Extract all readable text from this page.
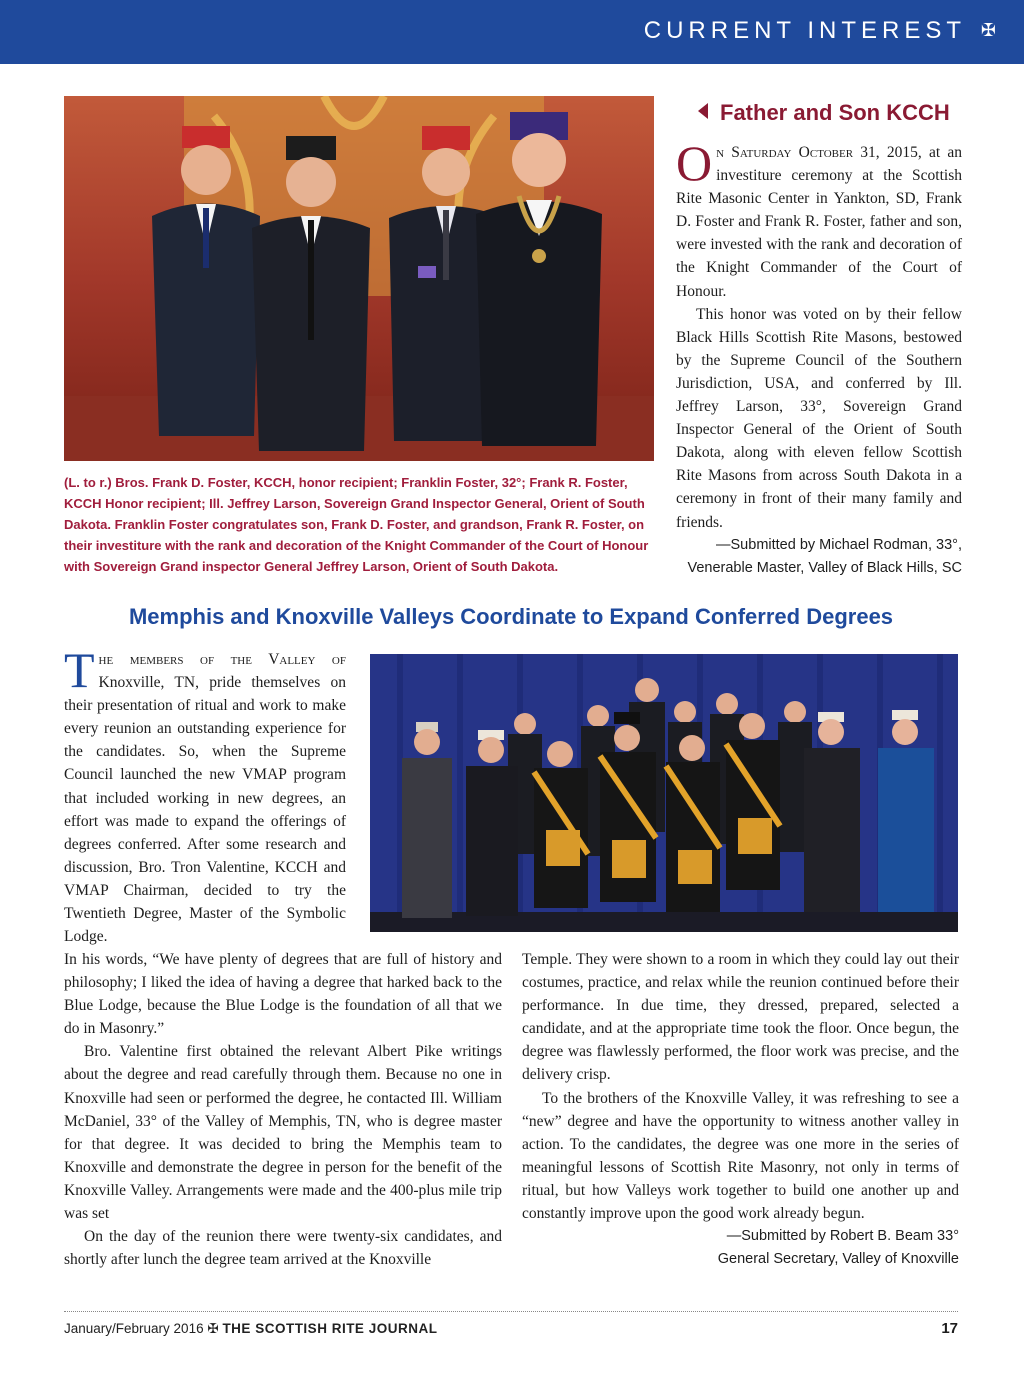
CURRENT INTEREST ✠

(L. to r.) Bros. Frank D. Foster, KCCH, honor recipient; Franklin Foster, 32°; Frank R. Foster, KCCH Honor recipient; Ill. Jeffrey Larson, Sovereign Grand Inspector General, Orient of South Dakota. Franklin Foster congratulates son, Frank D. Foster, and grandson, Frank R. Foster, on their investiture with the rank and decoration of the Knight Commander of the Court of Honour with Sovereign Grand inspector General Jeffrey Larson, Orient of South Dakota.

Father and Son KCCH

On Saturday October 31, 2015, at an investiture ceremony at the Scottish Rite Masonic Center in Yankton, SD, Frank D. Foster and Frank R. Foster, father and son, were invested with the rank and decoration of the Knight Commander of the Court of Honour.

This honor was voted on by their fellow Black Hills Scottish Rite Masons, bestowed by the Supreme Council of the Southern Jurisdiction, USA, and conferred by Ill. Jeffrey Larson, 33°, Sovereign Grand Inspector General of the Orient of South Dakota, along with eleven fellow Scottish Rite Masons from across South Dakota in a ceremony in front of their many family and friends.

—Submitted by Michael Rodman, 33°,

Venerable Master, Valley of Black Hills, SC

Memphis and Knoxville Valleys Coordinate to Expand Conferred Degrees

The members of the Valley of Knoxville, TN, pride themselves on their presentation of ritual and work to make every reunion an outstanding experience for the candidates. So, when the Supreme Council launched the new VMAP program that included working in new degrees, an effort was made to expand the offerings of degrees conferred. After some research and discussion, Bro. Tron Valentine, KCCH and VMAP Chairman, decided to try the Twentieth Degree, Master of the Symbolic Lodge.

In his words, “We have plenty of degrees that are full of history and philosophy; I liked the idea of having a degree that harked back to the Blue Lodge, because the Blue Lodge is the foundation of all that we do in Masonry.”

Bro. Valentine first obtained the relevant Albert Pike writings about the degree and read carefully through them. Because no one in Knoxville had seen or performed the degree, he contacted Ill. William McDaniel, 33° of the Valley of Memphis, TN, who is degree master for that degree. It was decided to bring the Memphis team to Knoxville and demonstrate the degree in person for the benefit of the Knoxville Valley. Arrangements were made and the 400-plus mile trip was set

On the day of the reunion there were twenty-six candidates, and shortly after lunch the degree team arrived at the Knoxville

Temple. They were shown to a room in which they could lay out their costumes, practice, and relax while the reunion continued before their performance. In due time, they dressed, prepared, selected a candidate, and at the appropriate time took the floor. Once begun, the degree was flawlessly performed, the floor work was precise, and the delivery crisp.

To the brothers of the Knoxville Valley, it was refreshing to see a “new” degree and have the opportunity to witness another valley in action. To the candidates, the degree was one more in the series of meaningful lessons of Scottish Rite Masonry, not only in terms of ritual, but how Valleys work together to build one another up and constantly improve upon the good work already begun.

—Submitted by Robert B. Beam 33°

General Secretary, Valley of Knoxville

January/February 2016 ✠ THE SCOTTISH RITE JOURNAL	17
